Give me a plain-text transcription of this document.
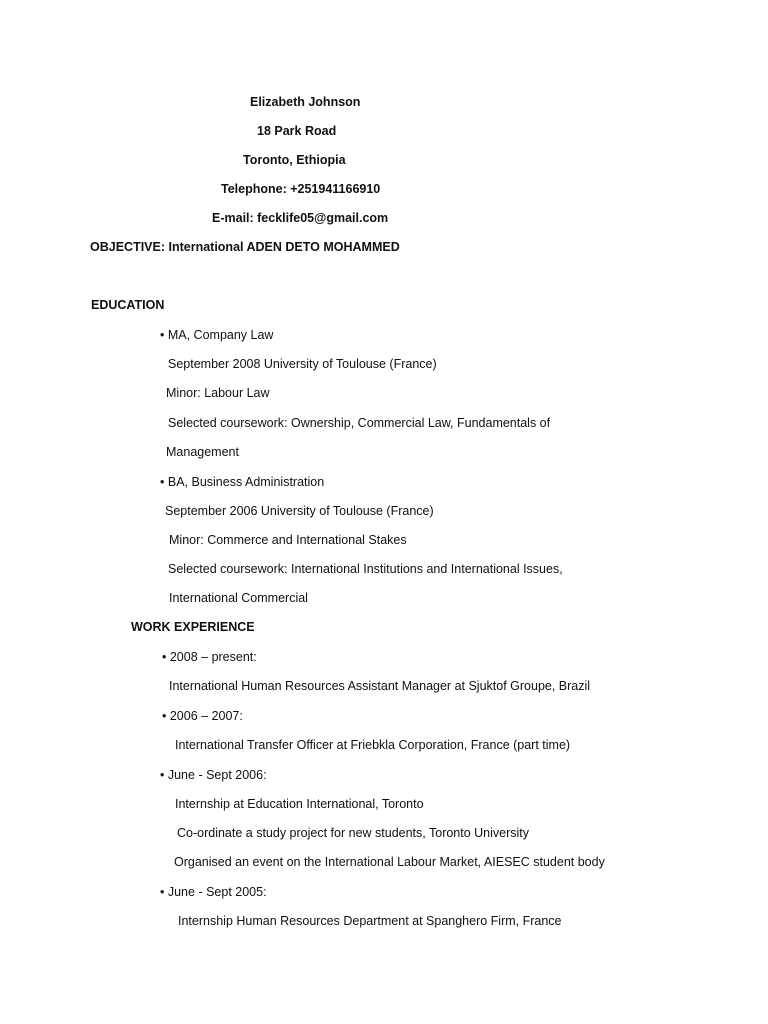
Elizabeth Johnson
18 Park Road
Toronto, Ethiopia
Telephone: +251941166910
E-mail: fecklife05@gmail.com
OBJECTIVE: International ADEN DETO MOHAMMED
EDUCATION
• MA, Company Law
September 2008 University of Toulouse (France)
Minor: Labour Law
Selected coursework: Ownership, Commercial Law, Fundamentals of
Management
• BA, Business Administration
September 2006 University of Toulouse (France)
Minor: Commerce and International Stakes
Selected coursework: International Institutions and International Issues,
International Commercial
WORK EXPERIENCE
• 2008 – present:
International Human Resources Assistant Manager at Sjuktof Groupe, Brazil
• 2006 – 2007:
International Transfer Officer at Friebkla Corporation, France (part time)
• June - Sept 2006:
Internship at Education International, Toronto
Co-ordinate a study project for new students, Toronto University
Organised an event on the International Labour Market, AIESEC student body
• June - Sept 2005:
Internship Human Resources Department at Spanghero Firm, France
